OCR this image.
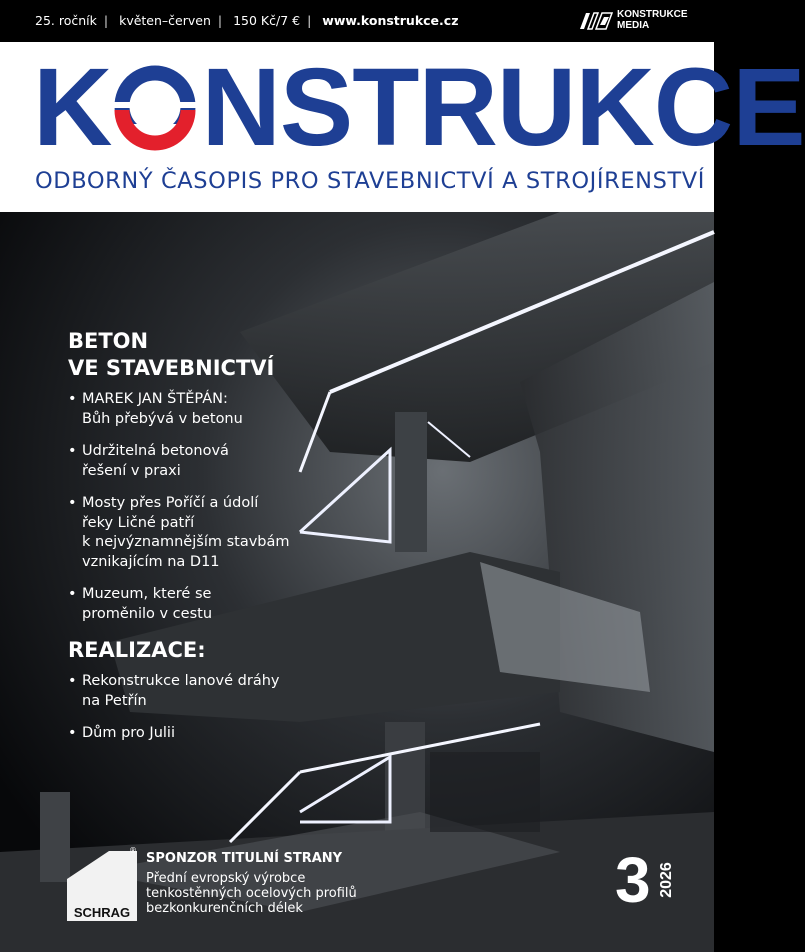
25. ročník | květen–červen | 150 Kč/7 € | www.konstrukce.cz	KONSTRUKCE
MEDIA
K NSTRUKCE
ODBORNÝ ČASOPIS PRO STAVEBNICTVÍ A STROJÍRENSTVÍ
BETON
VE STAVEBNICTVÍ
• MAREK JAN ŠTĚPÁN:
Bůh přebývá v betonu
• Udržitelná betonová
řešení v praxi
• Mosty přes Poříčí a údolí
řeky Ličné patří
k nejvýznamnějším stavbám
vznikajícím na D11
• Muzeum, které se
proměnilo v cestu
REALIZACE:
• Rekonstrukce lanové dráhy
na Petřín
• Dům pro Julii
SCHRAG
®
SPONZOR TITULNÍ STRANY
Přední evropský výrobce
tenkostěnných ocelových profilů
bezkonkurenčních délek	3 2026
